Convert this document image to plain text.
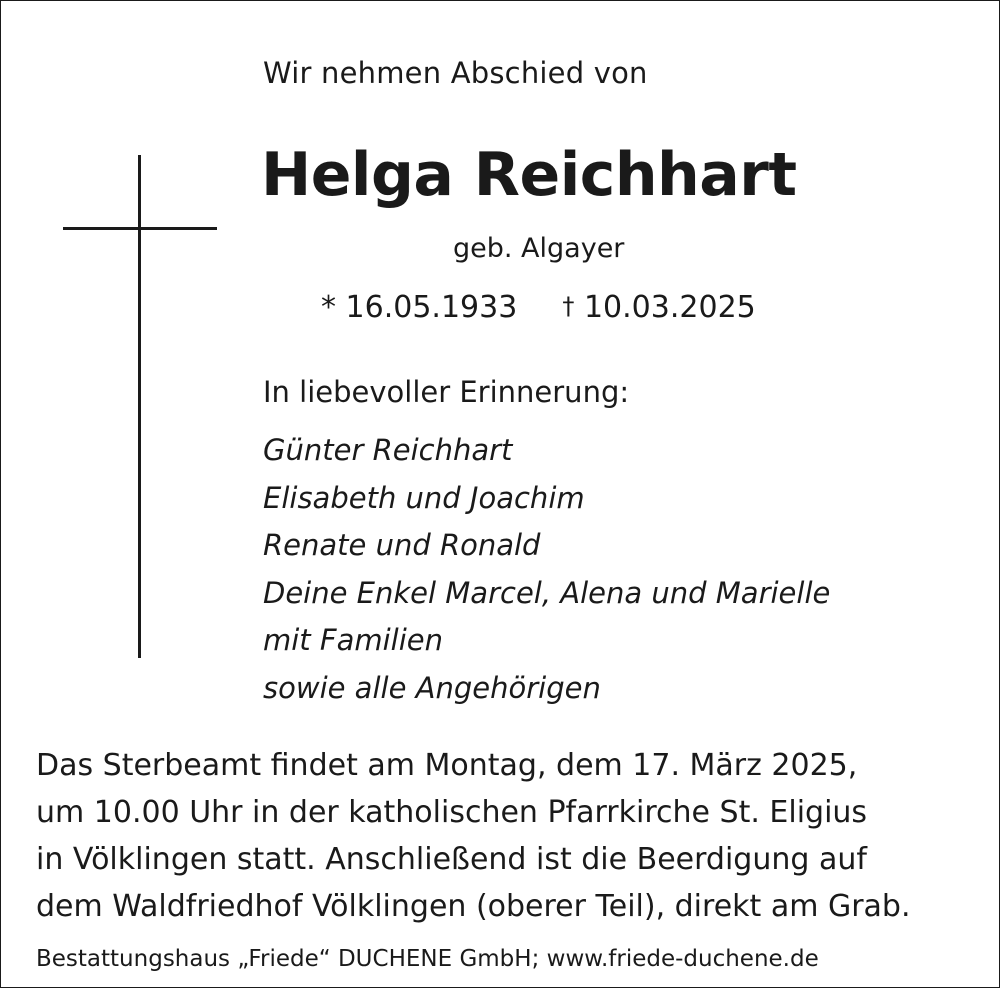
Wir nehmen Abschied von
Helga Reichhart
geb. Algayer
* 16.05.1933 † 10.03.2025
In liebevoller Erinnerung:
Günter Reichhart
Elisabeth und Joachim
Renate und Ronald
Deine Enkel Marcel, Alena und Marielle
mit Familien
sowie alle Angehörigen
Das Sterbeamt findet am Montag, dem 17. März 2025,
um 10.00 Uhr in der katholischen Pfarrkirche St. Eligius
in Völklingen statt. Anschließend ist die Beerdigung auf
dem Waldfriedhof Völklingen (oberer Teil), direkt am Grab.
Bestattungshaus „Friede“ DUCHENE GmbH; www.friede-duchene.de
